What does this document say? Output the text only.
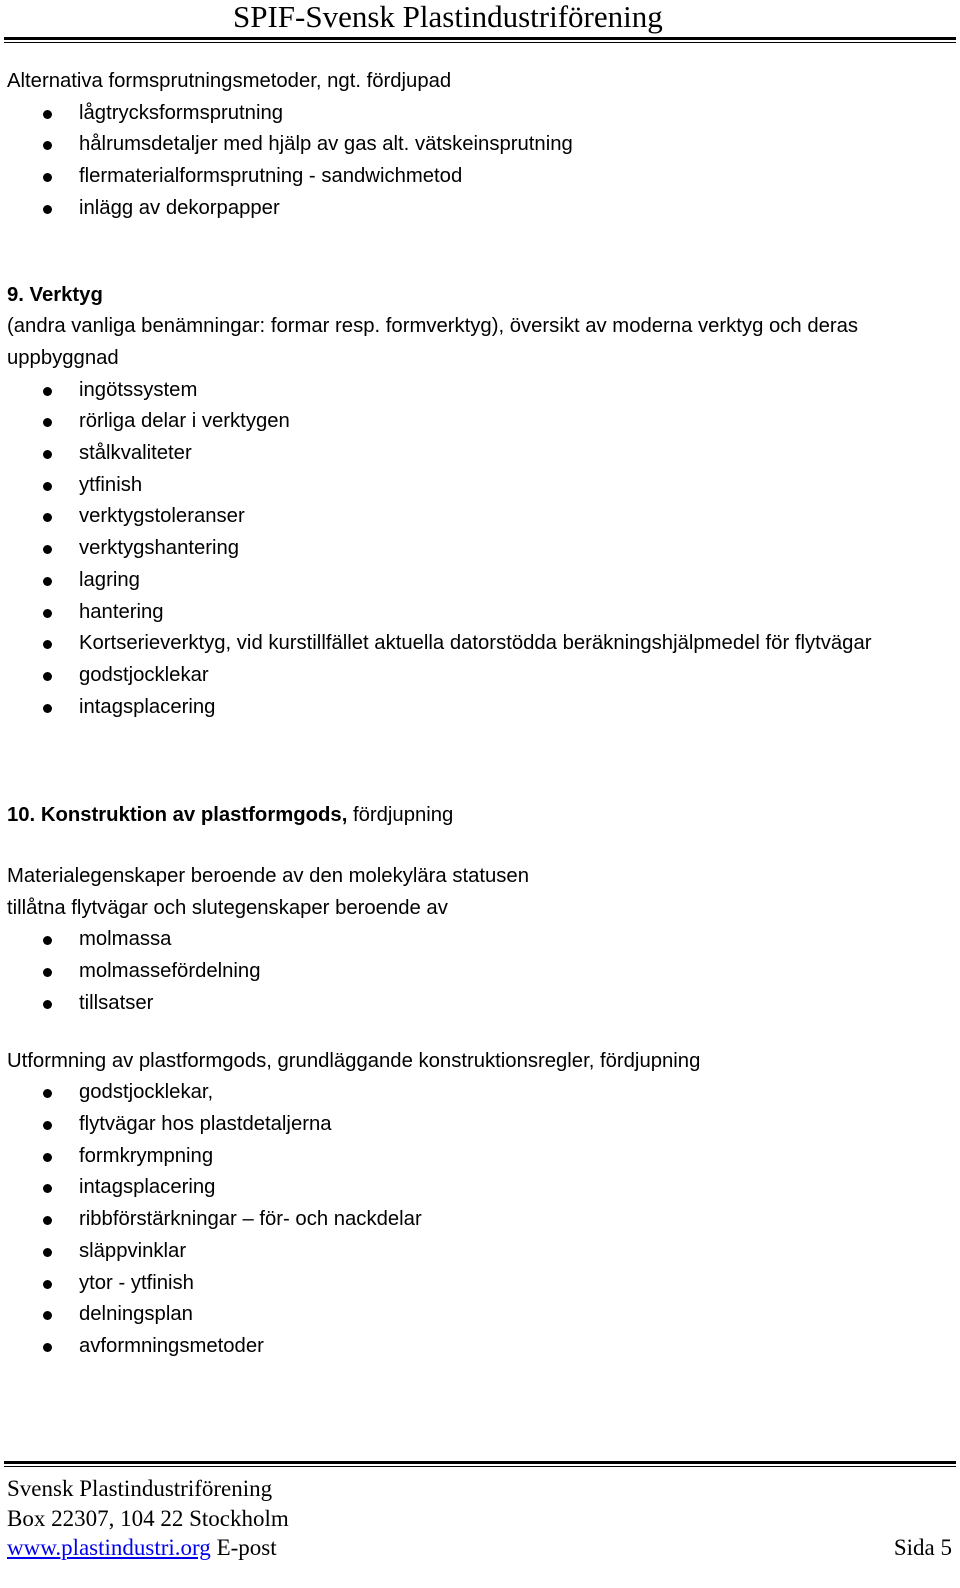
SPIF-Svensk Plastindustriförening
Alternativa formsprutningsmetoder, ngt. fördjupad
lågtrycksformsprutning
hålrumsdetaljer med hjälp av gas alt. vätskeinsprutning
flermaterialformsprutning - sandwichmetod
inlägg av dekorpapper
9. Verktyg
(andra vanliga benämningar: formar resp. formverktyg), översikt av moderna verktyg och deras uppbyggnad
ingötssystem
rörliga delar i verktygen
stålkvaliteter
ytfinish
verktygstoleranser
verktygshantering
lagring
hantering
Kortserieverktyg, vid kurstillfället aktuella datorstödda beräkningshjälpmedel för flytvägar
godstjocklekar
intagsplacering
10. Konstruktion av plastformgods, fördjupning
Materialegenskaper beroende av den molekylära statusen
tillåtna flytvägar och slutegenskaper beroende av
molmassa
molmassefördelning
tillsatser
Utformning av plastformgods, grundläggande konstruktionsregler, fördjupning
godstjocklekar,
flytvägar hos plastdetaljerna
formkrympning
intagsplacering
ribbförstärkningar – för- och nackdelar
släppvinklar
ytor - ytfinish
delningsplan
avformningsmetoder
Svensk Plastindustriförening
Box 22307, 104 22 Stockholm
www.plastindustri.org E-post	Sida 5
